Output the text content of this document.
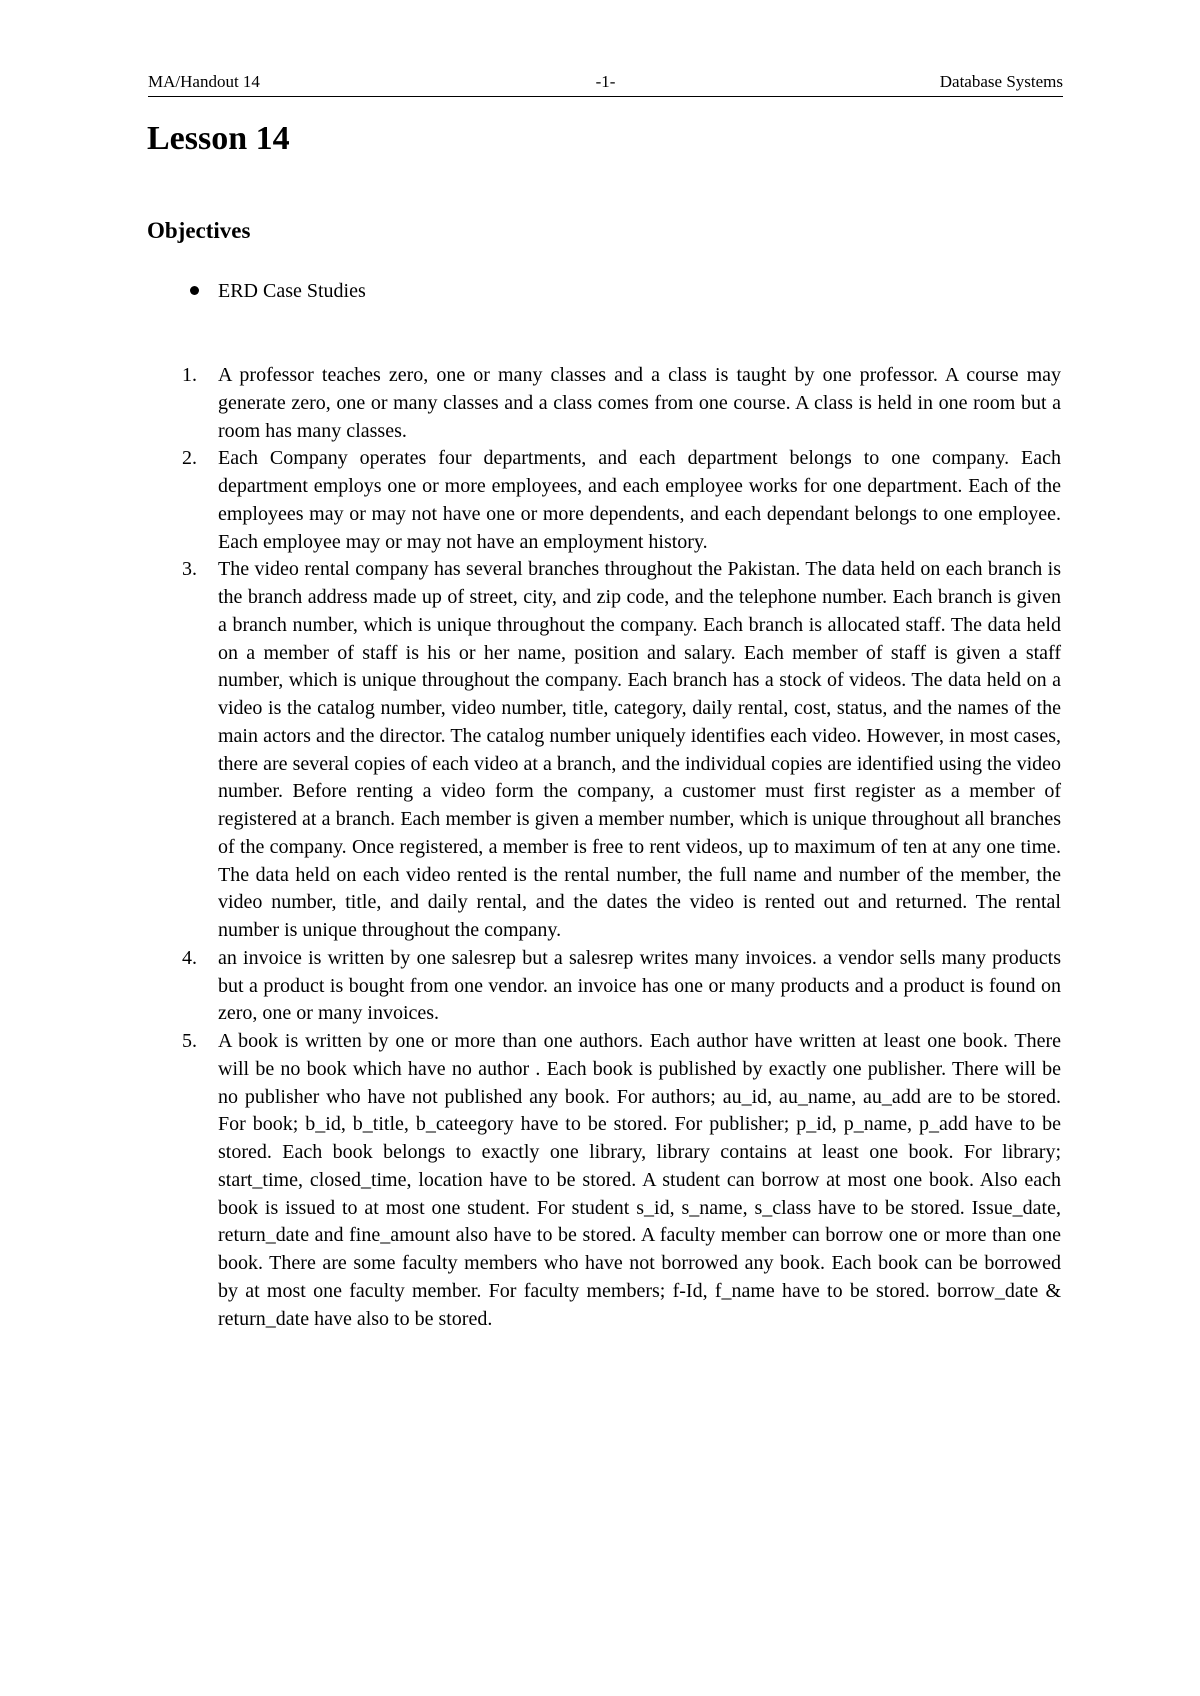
MA/Handout 14	-1-	Database Systems
Lesson 14
Objectives
ERD Case Studies
1. A professor teaches zero, one or many classes and a class is taught by one professor. A course may generate zero, one or many classes and a class comes from one course. A class is held in one room but a room has many classes.
2. Each Company operates four departments, and each department belongs to one company. Each department employs one or more employees, and each employee works for one department. Each of the employees may or may not have one or more dependents, and each dependant belongs to one employee. Each employee may or may not have an employment history.
3. The video rental company has several branches throughout the Pakistan. The data held on each branch is the branch address made up of street, city, and zip code, and the telephone number. Each branch is given a branch number, which is unique throughout the company. Each branch is allocated staff. The data held on a member of staff is his or her name, position and salary. Each member of staff is given a staff number, which is unique throughout the company. Each branch has a stock of videos. The data held on a video is the catalog number, video number, title, category, daily rental, cost, status, and the names of the main actors and the director. The catalog number uniquely identifies each video. However, in most cases, there are several copies of each video at a branch, and the individual copies are identified using the video number. Before renting a video form the company, a customer must first register as a member of registered at a branch. Each member is given a member number, which is unique throughout all branches of the company. Once registered, a member is free to rent videos, up to maximum of ten at any one time. The data held on each video rented is the rental number, the full name and number of the member, the video number, title, and daily rental, and the dates the video is rented out and returned. The rental number is unique throughout the company.
4. an invoice is written by one salesrep but a salesrep writes many invoices. a vendor sells many products but a product is bought from one vendor. an invoice has one or many products and a product is found on zero, one or many invoices.
5. A book is written by one or more than one authors. Each author have written at least one book. There will be no book which have no author . Each book is published by exactly one publisher. There will be no publisher who have not published any book. For authors; au_id, au_name, au_add are to be stored. For book; b_id, b_title, b_cateegory have to be stored. For publisher; p_id, p_name, p_add have to be stored. Each book belongs to exactly one library, library contains at least one book. For library; start_time, closed_time, location have to be stored. A student can borrow at most one book. Also each book is issued to at most one student. For student s_id, s_name, s_class have to be stored. Issue_date, return_date and fine_amount also have to be stored. A faculty member can borrow one or more than one book. There are some faculty members who have not borrowed any book. Each book can be borrowed by at most one faculty member. For faculty members; f-Id, f_name have to be stored. borrow_date & return_date have also to be stored.
